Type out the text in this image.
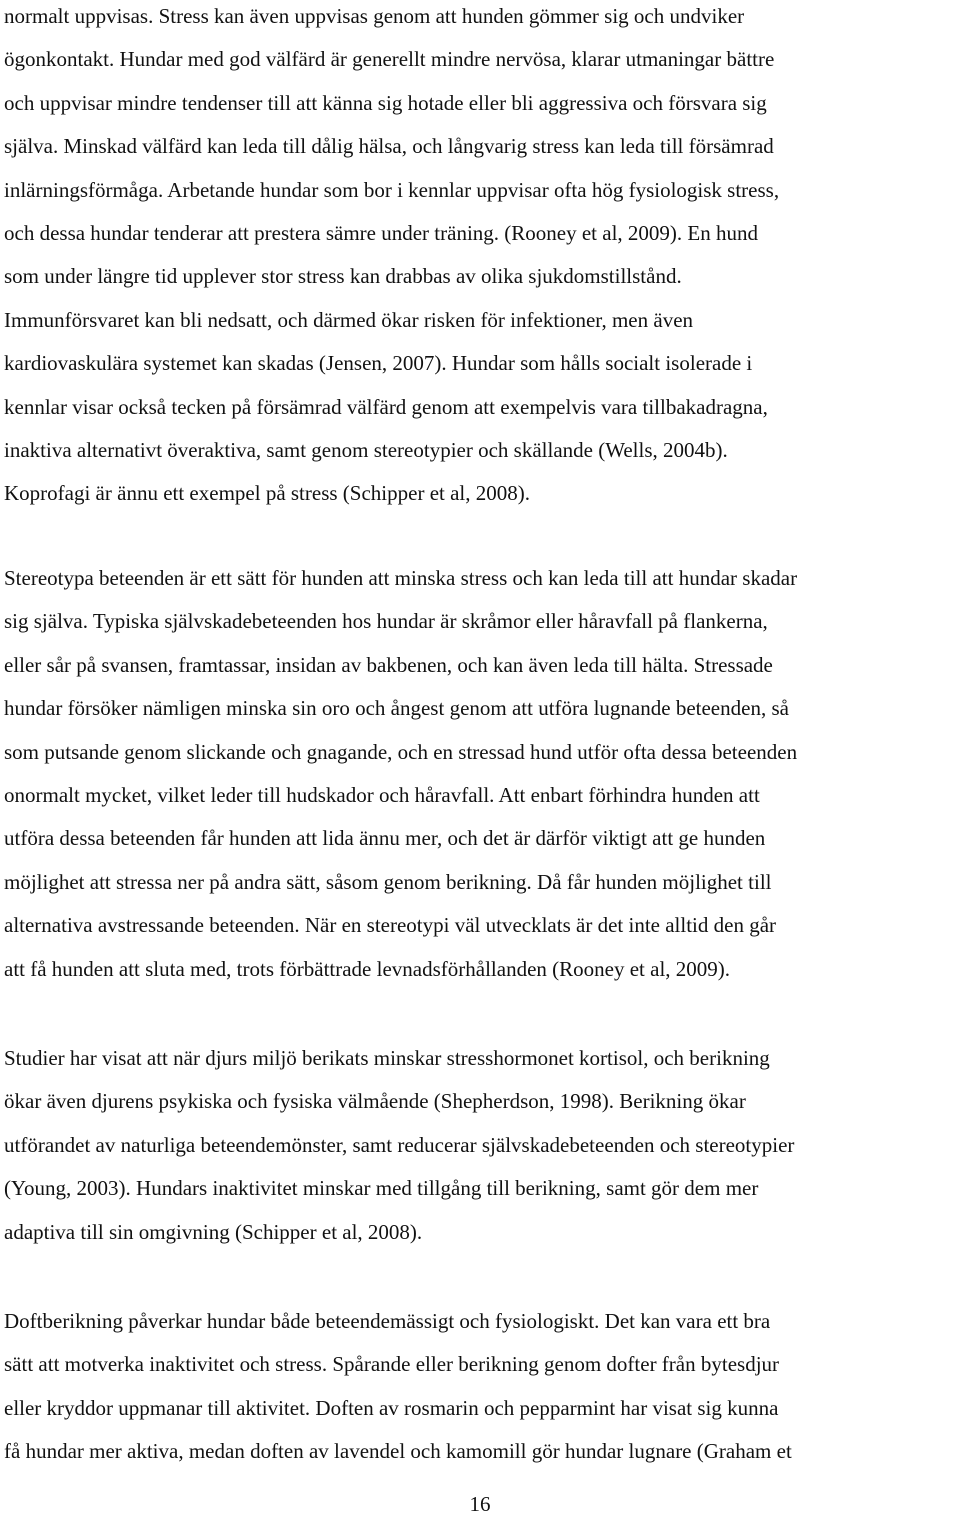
normalt uppvisas. Stress kan även uppvisas genom att hunden gömmer sig och undviker
ögonkontakt. Hundar med god välfärd är generellt mindre nervösa, klarar utmaningar bättre
och uppvisar mindre tendenser till att känna sig hotade eller bli aggressiva och försvara sig
själva. Minskad välfärd kan leda till dålig hälsa, och långvarig stress kan leda till försämrad
inlärningsförmåga. Arbetande hundar som bor i kennlar uppvisar ofta hög fysiologisk stress,
och dessa hundar tenderar att prestera sämre under träning. (Rooney et al, 2009). En hund
som under längre tid upplever stor stress kan drabbas av olika sjukdomstillstånd.
Immunförsvaret kan bli nedsatt, och därmed ökar risken för infektioner, men även
kardiovaskulära systemet kan skadas (Jensen, 2007). Hundar som hålls socialt isolerade i
kennlar visar också tecken på försämrad välfärd genom att exempelvis vara tillbakadragna,
inaktiva alternativt överaktiva, samt genom stereotypier och skällande (Wells, 2004b).
Koprofagi är ännu ett exempel på stress (Schipper et al, 2008).
Stereotypa beteenden är ett sätt för hunden att minska stress och kan leda till att hundar skadar
sig själva. Typiska självskadebeteenden hos hundar är skråmor eller håravfall på flankerna,
eller sår på svansen, framtassar, insidan av bakbenen, och kan även leda till hälta. Stressade
hundar försöker nämligen minska sin oro och ångest genom att utföra lugnande beteenden, så
som putsande genom slickande och gnagande, och en stressad hund utför ofta dessa beteenden
onormalt mycket, vilket leder till hudskador och håravfall. Att enbart förhindra hunden att
utföra dessa beteenden får hunden att lida ännu mer, och det är därför viktigt att ge hunden
möjlighet att stressa ner på andra sätt, såsom genom berikning. Då får hunden möjlighet till
alternativa avstressande beteenden. När en stereotypi väl utvecklats är det inte alltid den går
att få hunden att sluta med, trots förbättrade levnadsförhållanden (Rooney et al, 2009).
Studier har visat att när djurs miljö berikats minskar stresshormonet kortisol, och berikning
ökar även djurens psykiska och fysiska välmående (Shepherdson, 1998). Berikning ökar
utförandet av naturliga beteendemönster, samt reducerar självskadebeteenden och stereotypier
(Young, 2003). Hundars inaktivitet minskar med tillgång till berikning, samt gör dem mer
adaptiva till sin omgivning (Schipper et al, 2008).
Doftberikning påverkar hundar både beteendemässigt och fysiologiskt. Det kan vara ett bra
sätt att motverka inaktivitet och stress. Spårande eller berikning genom dofter från bytesdjur
eller kryddor uppmanar till aktivitet. Doften av rosmarin och pepparmint har visat sig kunna
få hundar mer aktiva, medan doften av lavendel och kamomill gör hundar lugnare (Graham et
16
